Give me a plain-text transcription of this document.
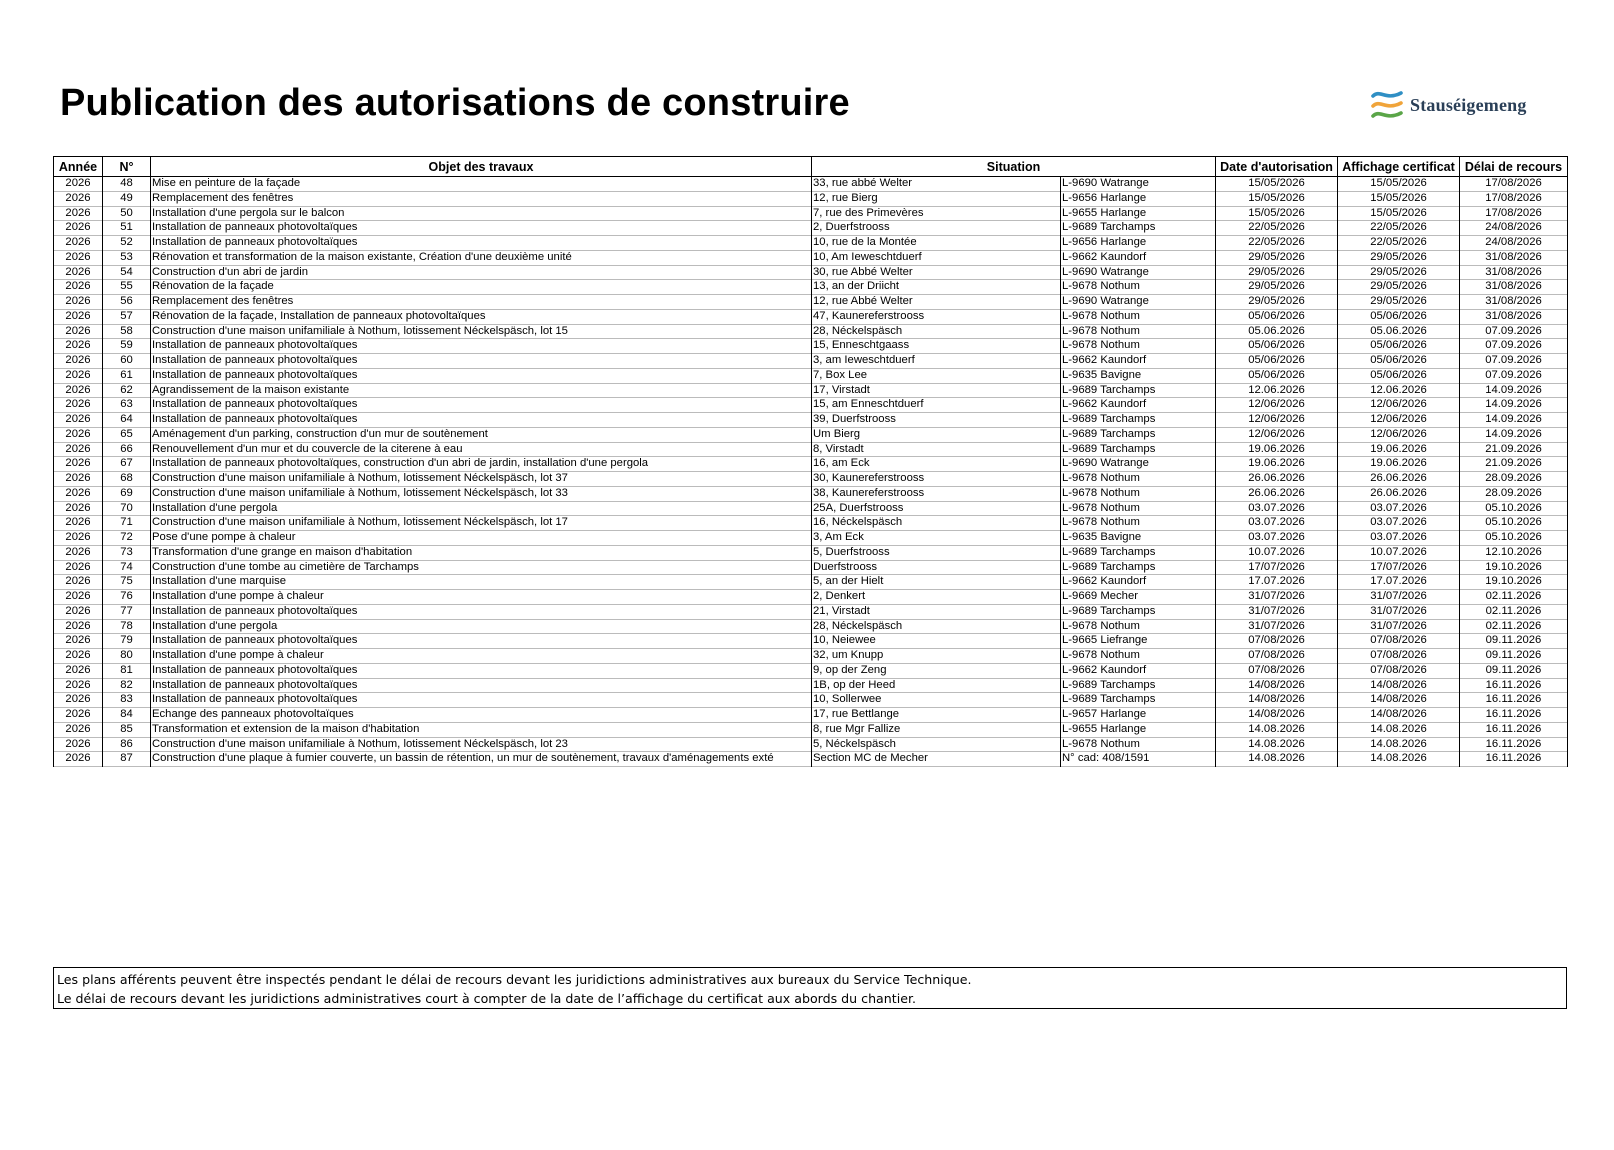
Publication des autorisations de construire	Stauséigemeng
Année	N°	Objet des travaux	Situation		Date d'autorisation	Affichage certificat	Délai de recours
2026	48	Mise en peinture de la façade	33, rue abbé Welter	L-9690 Watrange	15/05/2026	15/05/2026	17/08/2026
2026	49	Remplacement des fenêtres	12, rue Bierg	L-9656 Harlange	15/05/2026	15/05/2026	17/08/2026
2026	50	Installation d'une pergola sur le balcon	7, rue des Primevères	L-9655 Harlange	15/05/2026	15/05/2026	17/08/2026
2026	51	Installation de panneaux photovoltaïques	2, Duerfstrooss	L-9689 Tarchamps	22/05/2026	22/05/2026	24/08/2026
2026	52	Installation de panneaux photovoltaïques	10, rue de la Montée	L-9656 Harlange	22/05/2026	22/05/2026	24/08/2026
2026	53	Rénovation et transformation de la maison existante, Création d'une deuxième unité	10, Am Ieweschtduerf	L-9662 Kaundorf	29/05/2026	29/05/2026	31/08/2026
2026	54	Construction d'un abri de jardin	30, rue Abbé Welter	L-9690 Watrange	29/05/2026	29/05/2026	31/08/2026
2026	55	Rénovation de la façade	13, an der Driicht	L-9678 Nothum	29/05/2026	29/05/2026	31/08/2026
2026	56	Remplacement des fenêtres	12, rue Abbé Welter	L-9690 Watrange	29/05/2026	29/05/2026	31/08/2026
2026	57	Rénovation de la façade, Installation de panneaux photovoltaïques	47, Kaunereferstrooss	L-9678 Nothum	05/06/2026	05/06/2026	31/08/2026
2026	58	Construction d'une maison unifamiliale à Nothum, lotissement Néckelspäsch, lot 15	28, Néckelspäsch	L-9678 Nothum	05.06.2026	05.06.2026	07.09.2026
2026	59	Installation de panneaux photovoltaïques	15, Enneschtgaass	L-9678 Nothum	05/06/2026	05/06/2026	07.09.2026
2026	60	Installation de panneaux photovoltaïques	3, am Ieweschtduerf	L-9662 Kaundorf	05/06/2026	05/06/2026	07.09.2026
2026	61	Installation de panneaux photovoltaïques	7, Box Lee	L-9635 Bavigne	05/06/2026	05/06/2026	07.09.2026
2026	62	Agrandissement de la maison existante	17, Virstadt	L-9689 Tarchamps	12.06.2026	12.06.2026	14.09.2026
2026	63	Installation de panneaux photovoltaïques	15, am Enneschtduerf	L-9662 Kaundorf	12/06/2026	12/06/2026	14.09.2026
2026	64	Installation de panneaux photovoltaïques	39, Duerfstrooss	L-9689 Tarchamps	12/06/2026	12/06/2026	14.09.2026
2026	65	Aménagement d'un parking, construction d'un mur de soutènement	Um Bierg	L-9689 Tarchamps	12/06/2026	12/06/2026	14.09.2026
2026	66	Renouvellement d'un mur et du couvercle de la citerene à eau	8, Virstadt	L-9689 Tarchamps	19.06.2026	19.06.2026	21.09.2026
2026	67	Installation de panneaux photovoltaïques, construction d'un abri de jardin, installation d'une pergola	16, am Eck	L-9690 Watrange	19.06.2026	19.06.2026	21.09.2026
2026	68	Construction d'une maison unifamiliale à Nothum, lotissement Néckelspäsch, lot 37	30, Kaunereferstrooss	L-9678 Nothum	26.06.2026	26.06.2026	28.09.2026
2026	69	Construction d'une maison unifamiliale à Nothum, lotissement Néckelspäsch, lot 33	38, Kaunereferstrooss	L-9678 Nothum	26.06.2026	26.06.2026	28.09.2026
2026	70	Installation d'une pergola	25A, Duerfstrooss	L-9678 Nothum	03.07.2026	03.07.2026	05.10.2026
2026	71	Construction d'une maison unifamiliale à Nothum, lotissement Néckelspäsch, lot 17	16, Néckelspäsch	L-9678 Nothum	03.07.2026	03.07.2026	05.10.2026
2026	72	Pose d'une pompe à chaleur	3, Am Eck	L-9635 Bavigne	03.07.2026	03.07.2026	05.10.2026
2026	73	Transformation d'une grange en maison d'habitation	5, Duerfstrooss	L-9689 Tarchamps	10.07.2026	10.07.2026	12.10.2026
2026	74	Construction d'une tombe au cimetière de Tarchamps	Duerfstrooss	L-9689 Tarchamps	17/07/2026	17/07/2026	19.10.2026
2026	75	Installation d'une marquise	5, an der Hielt	L-9662 Kaundorf	17.07.2026	17.07.2026	19.10.2026
2026	76	Installation d'une pompe à chaleur	2, Denkert	L-9669 Mecher	31/07/2026	31/07/2026	02.11.2026
2026	77	Installation de panneaux photovoltaïques	21, Virstadt	L-9689 Tarchamps	31/07/2026	31/07/2026	02.11.2026
2026	78	Installation d'une pergola	28, Néckelspäsch	L-9678 Nothum	31/07/2026	31/07/2026	02.11.2026
2026	79	Installation de panneaux photovoltaïques	10, Neiewee	L-9665 Liefrange	07/08/2026	07/08/2026	09.11.2026
2026	80	Installation d'une pompe à chaleur	32, um Knupp	L-9678 Nothum	07/08/2026	07/08/2026	09.11.2026
2026	81	Installation de panneaux photovoltaïques	9, op der Zeng	L-9662 Kaundorf	07/08/2026	07/08/2026	09.11.2026
2026	82	Installation de panneaux photovoltaïques	1B, op der Heed	L-9689 Tarchamps	14/08/2026	14/08/2026	16.11.2026
2026	83	Installation de panneaux photovoltaïques	10, Sollerwee	L-9689 Tarchamps	14/08/2026	14/08/2026	16.11.2026
2026	84	Echange des panneaux photovoltaïques	17, rue Bettlange	L-9657 Harlange	14/08/2026	14/08/2026	16.11.2026
2026	85	Transformation et extension de la maison d'habitation	8, rue Mgr Fallize	L-9655 Harlange	14.08.2026	14.08.2026	16.11.2026
2026	86	Construction d'une maison unifamiliale à Nothum, lotissement Néckelspäsch, lot 23	5, Néckelspäsch	L-9678 Nothum	14.08.2026	14.08.2026	16.11.2026
2026	87	Construction d'une plaque à fumier couverte, un bassin de rétention, un mur de soutènement, travaux d'aménagements exté	Section MC de Mecher	N° cad: 408/1591	14.08.2026	14.08.2026	16.11.2026
Les plans afférents peuvent être inspectés pendant le délai de recours devant les juridictions administratives aux bureaux du Service Technique.
Le délai de recours devant les juridictions administratives court à compter de la date de l’affichage du certificat aux abords du chantier.
